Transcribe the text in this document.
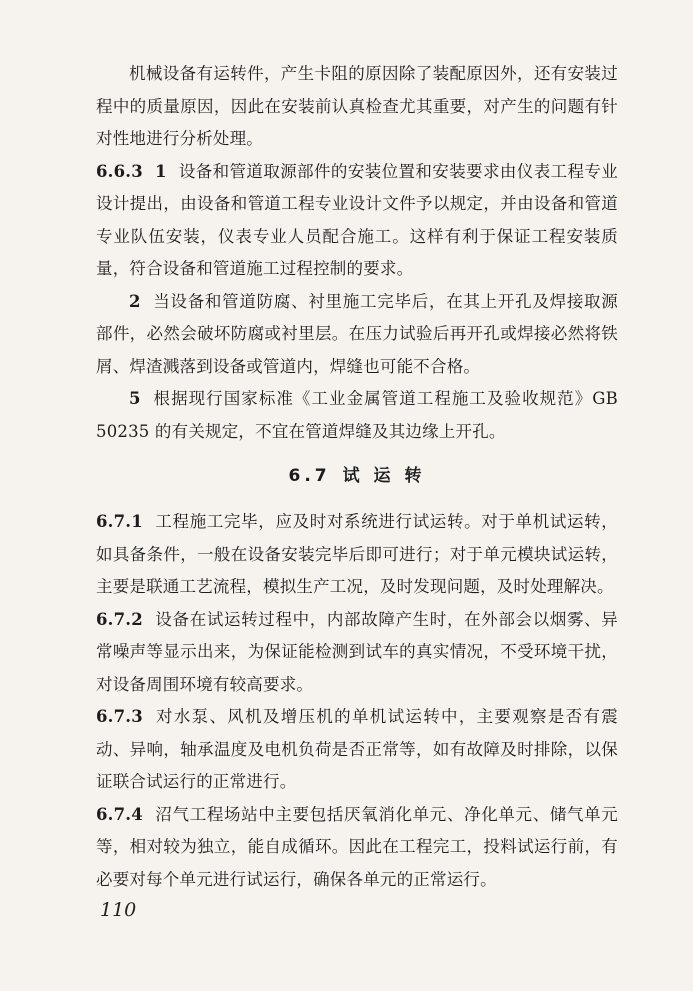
机械设备有运转件，产生卡阻的原因除了装配原因外，还有安装过程中的质量原因，因此在安装前认真检查尤其重要，对产生的问题有针对性地进行分析处理。

6.6.3 1 设备和管道取源部件的安装位置和安装要求由仪表工程专业设计提出，由设备和管道工程专业设计文件予以规定，并由设备和管道专业队伍安装，仪表专业人员配合施工。这样有利于保证工程安装质量，符合设备和管道施工过程控制的要求。

2 当设备和管道防腐、衬里施工完毕后，在其上开孔及焊接取源部件，必然会破坏防腐或衬里层。在压力试验后再开孔或焊接必然将铁屑、焊渣溅落到设备或管道内，焊缝也可能不合格。

5 根据现行国家标准《工业金属管道工程施工及验收规范》GB 50235 的有关规定，不宜在管道焊缝及其边缘上开孔。

6.7 试 运 转

6.7.1 工程施工完毕，应及时对系统进行试运转。对于单机试运转，如具备条件，一般在设备安装完毕后即可进行；对于单元模块试运转，主要是联通工艺流程，模拟生产工况，及时发现问题，及时处理解决。

6.7.2 设备在试运转过程中，内部故障产生时，在外部会以烟雾、异常噪声等显示出来，为保证能检测到试车的真实情况，不受环境干扰，对设备周围环境有较高要求。

6.7.3 对水泵、风机及增压机的单机试运转中，主要观察是否有震动、异响，轴承温度及电机负荷是否正常等，如有故障及时排除，以保证联合试运行的正常进行。

6.7.4 沼气工程场站中主要包括厌氧消化单元、净化单元、储气单元等，相对较为独立，能自成循环。因此在工程完工，投料试运行前，有必要对每个单元进行试运行，确保各单元的正常运行。

110
